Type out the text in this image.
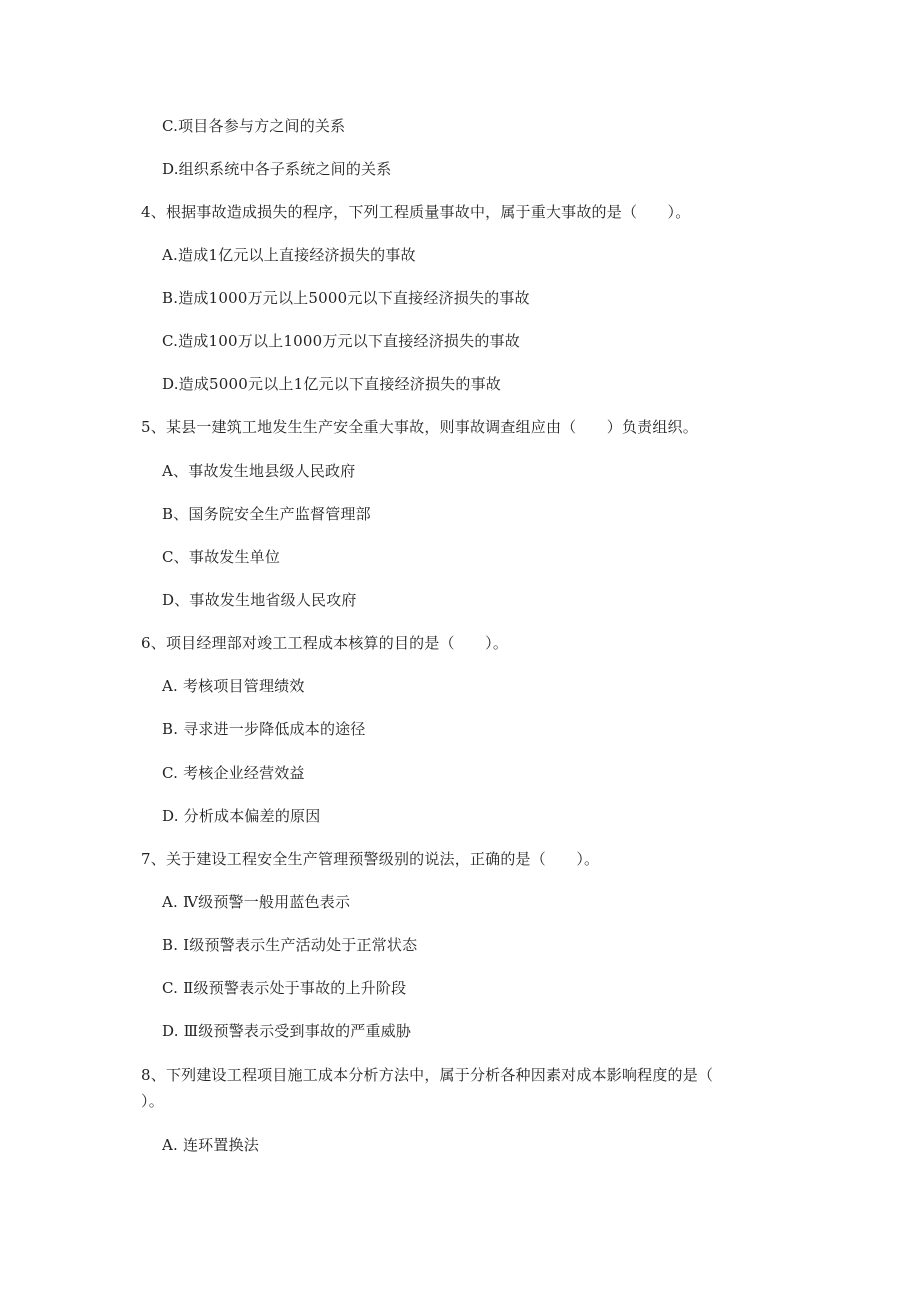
C.项目各参与方之间的关系
D.组织系统中各子系统之间的关系
4、根据事故造成损失的程序，下列工程质量事故中，属于重大事故的是（　　）。
A.造成1亿元以上直接经济损失的事故
B.造成1000万元以上5000元以下直接经济损失的事故
C.造成100万以上1000万元以下直接经济损失的事故
D.造成5000元以上1亿元以下直接经济损失的事故
5、某县一建筑工地发生生产安全重大事故，则事故调查组应由（　　）负责组织。
A、事故发生地县级人民政府
B、国务院安全生产监督管理部
C、事故发生单位
D、事故发生地省级人民攻府
6、项目经理部对竣工工程成本核算的目的是（　　）。
A. 考核项目管理绩效
B. 寻求进一步降低成本的途径
C. 考核企业经营效益
D. 分析成本偏差的原因
7、关于建设工程安全生产管理预警级别的说法，正确的是（　　）。
A. Ⅳ级预警一般用蓝色表示
B. I级预警表示生产活动处于正常状态
C. Ⅱ级预警表示处于事故的上升阶段
D. Ⅲ级预警表示受到事故的严重威胁
8、下列建设工程项目施工成本分析方法中，属于分析各种因素对成本影响程度的是（
）。
A. 连环置换法
